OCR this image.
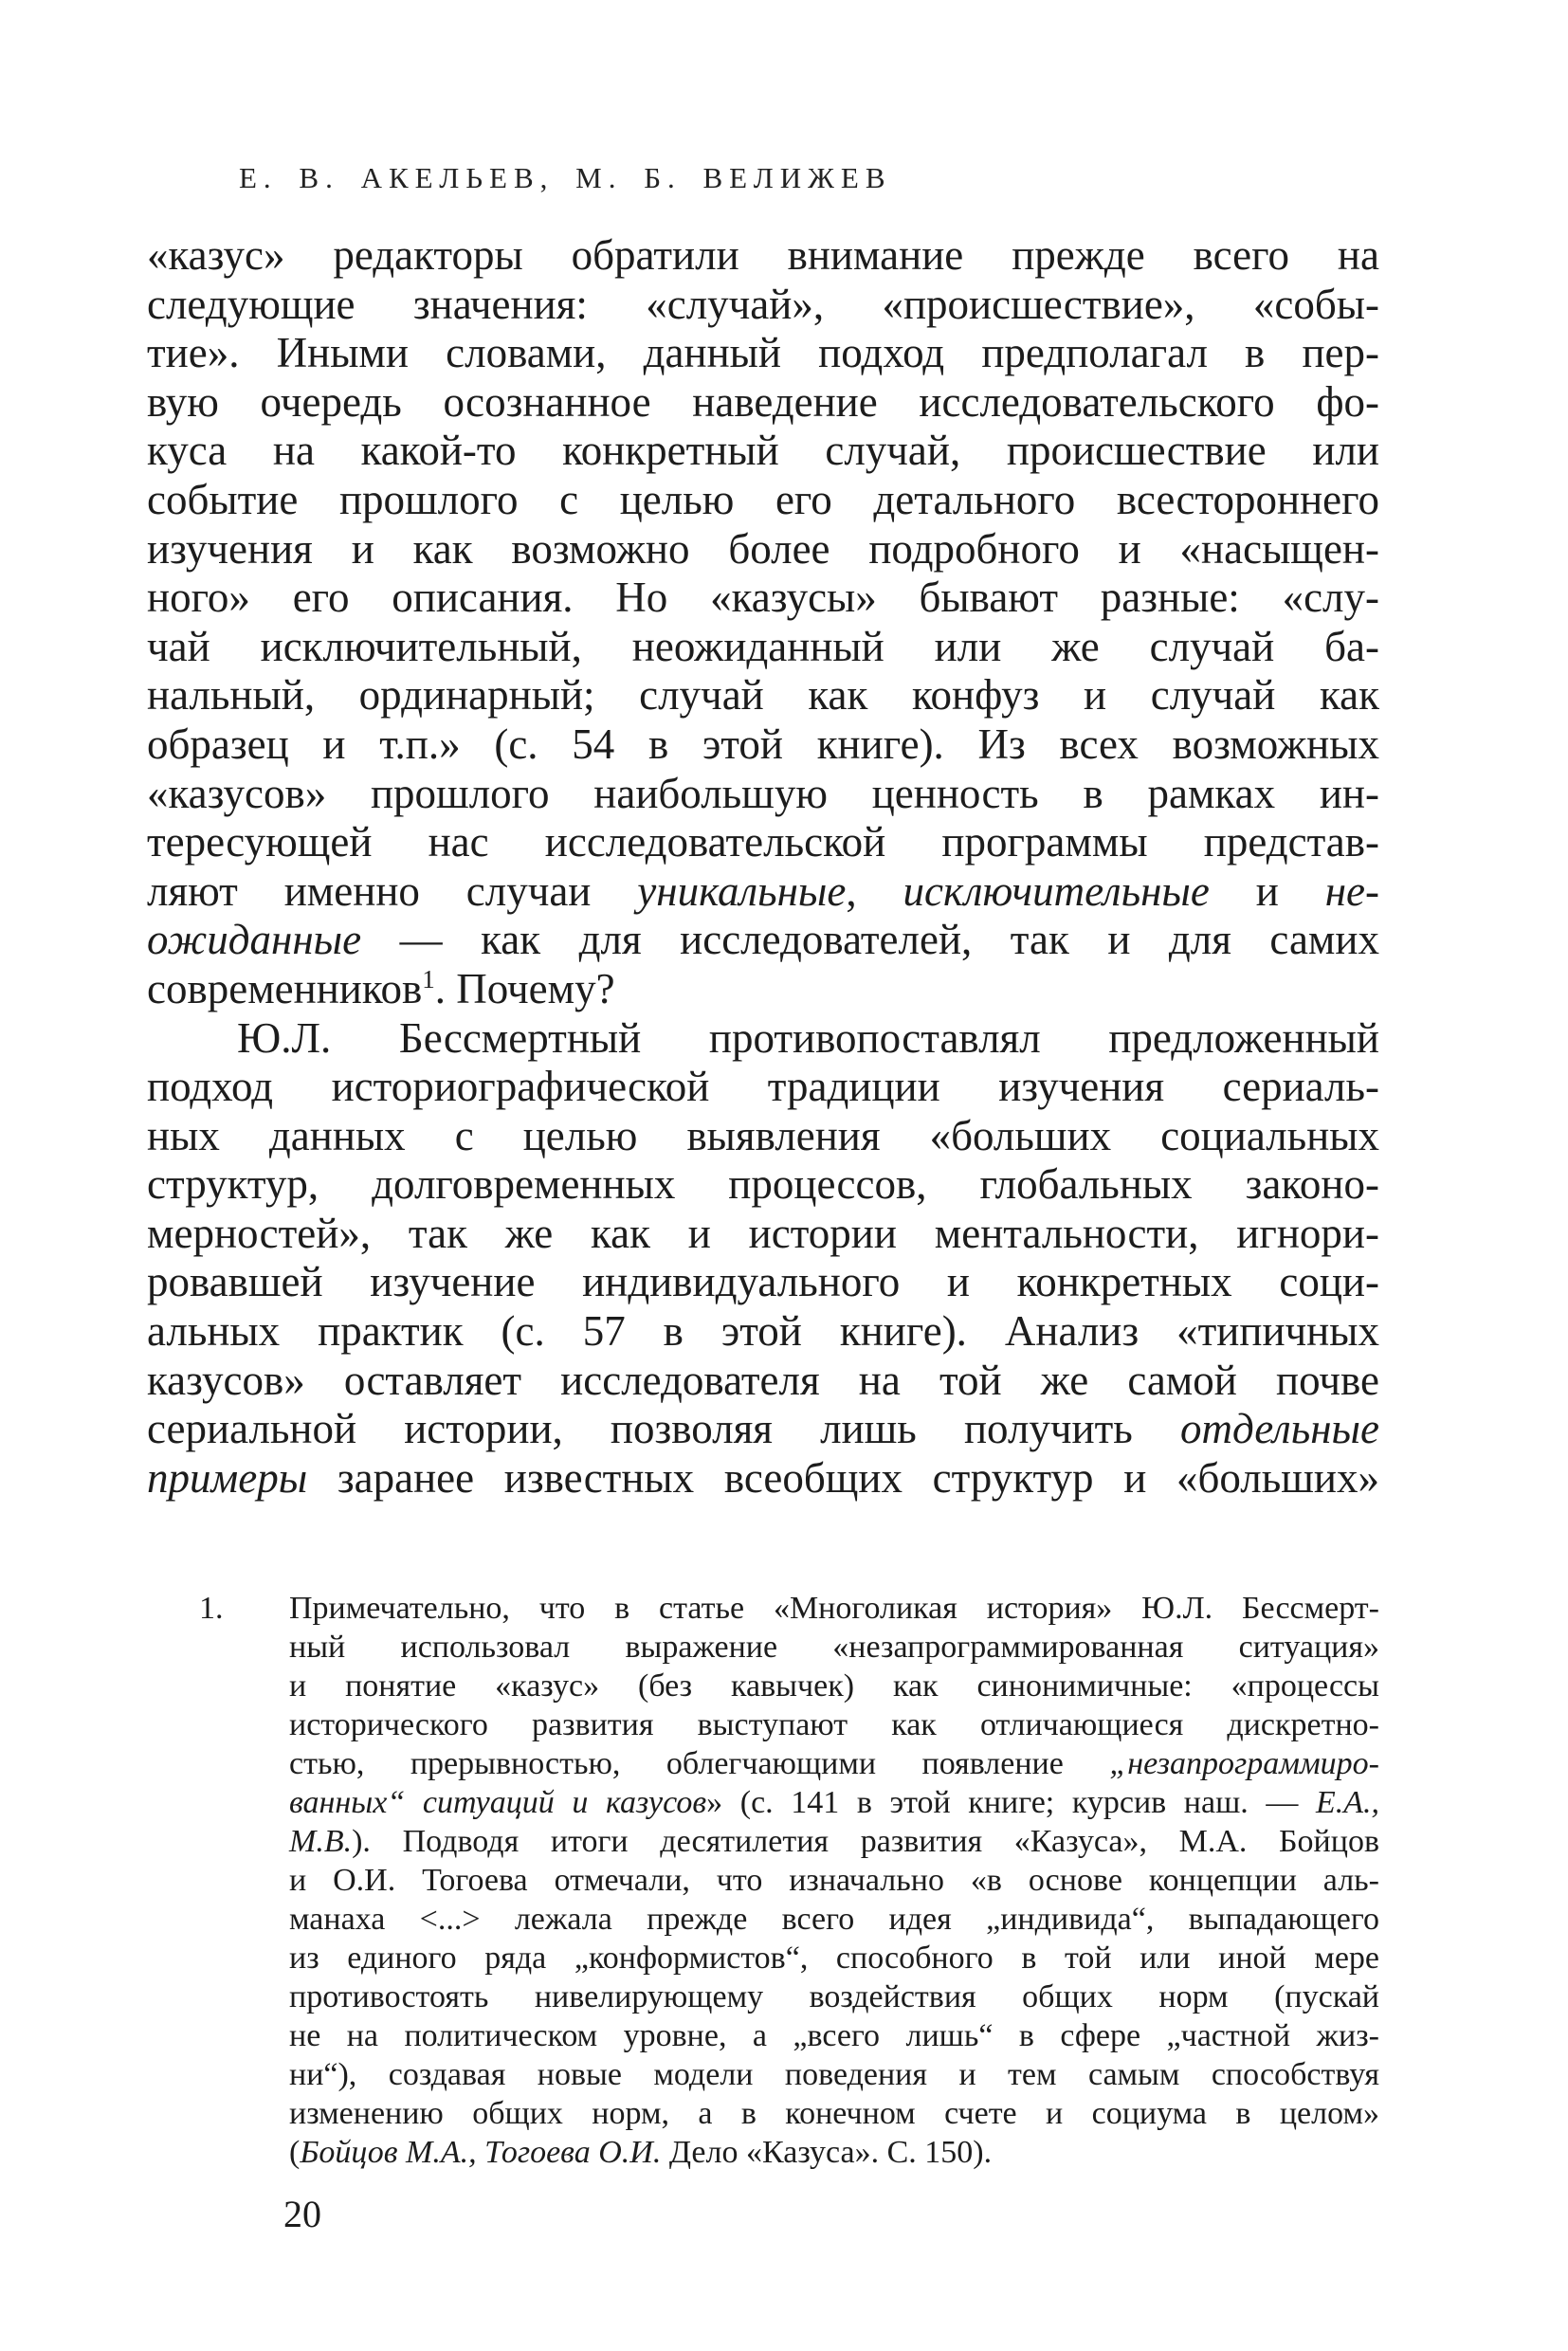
Е. В. АКЕЛЬЕВ, М. Б. ВЕЛИЖЕВ
«казус» редакторы обратили внимание прежде всего на
следующие значения: «случай», «происшествие», «собы-
тие». Иными словами, данный подход предполагал в пер-
вую очередь осознанное наведение исследовательского фо-
куса на какой-то конкретный случай, происшествие или
событие прошлого с целью его детального всестороннего
изучения и как возможно более подробного и «насыщен-
ного» его описания. Но «казусы» бывают разные: «слу-
чай исключительный, неожиданный или же случай ба-
нальный, ординарный; случай как конфуз и случай как
образец и т.п.» (с. 54 в этой книге). Из всех возможных
«казусов» прошлого наибольшую ценность в рамках ин-
тересующей нас исследовательской программы представ-
ляют именно случаи уникальные, исключительные и не-
ожиданные — как для исследователей, так и для самих
современников$^1$. Почему?
Ю.Л. Бессмертный противопоставлял предложенный
подход историографической традиции изучения сериаль-
ных данных с целью выявления «больших социальных
структур, долговременных процессов, глобальных законо-
мерностей», так же как и истории ментальности, игнори-
ровавшей изучение индивидуального и конкретных соци-
альных практик (с. 57 в этой книге). Анализ «типичных
казусов» оставляет исследователя на той же самой почве
сериальной истории, позволяя лишь получить отдельные
примеры заранее известных всеобщих структур и «больших»
1. Примечательно, что в статье «Многоликая история» Ю.Л. Бессмерт-
ный использовал выражение «незапрограммированная ситуация»
и понятие «казус» (без кавычек) как синонимичные: «процессы
исторического развития выступают как отличающиеся дискретно-
стью, прерывностью, облегчающими появление „незапрограммиро-
ванных“ ситуаций и казусов» (с. 141 в этой книге; курсив наш. — Е.А.,
М.В.). Подводя итоги десятилетия развития «Казуса», М.А. Бойцов
и О.И. Тогоева отмечали, что изначально «в основе концепции аль-
манаха <...> лежала прежде всего идея „индивида“, выпадающего
из единого ряда „конформистов“, способного в той или иной мере
противостоять нивелирующему воздействия общих норм (пускай
не на политическом уровне, а „всего лишь“ в сфере „частной жиз-
ни“), создавая новые модели поведения и тем самым способствуя
изменению общих норм, а в конечном счете и социума в целом»
(Бойцов М.А., Тогоева О.И. Дело «Казуса». С. 150).
20
